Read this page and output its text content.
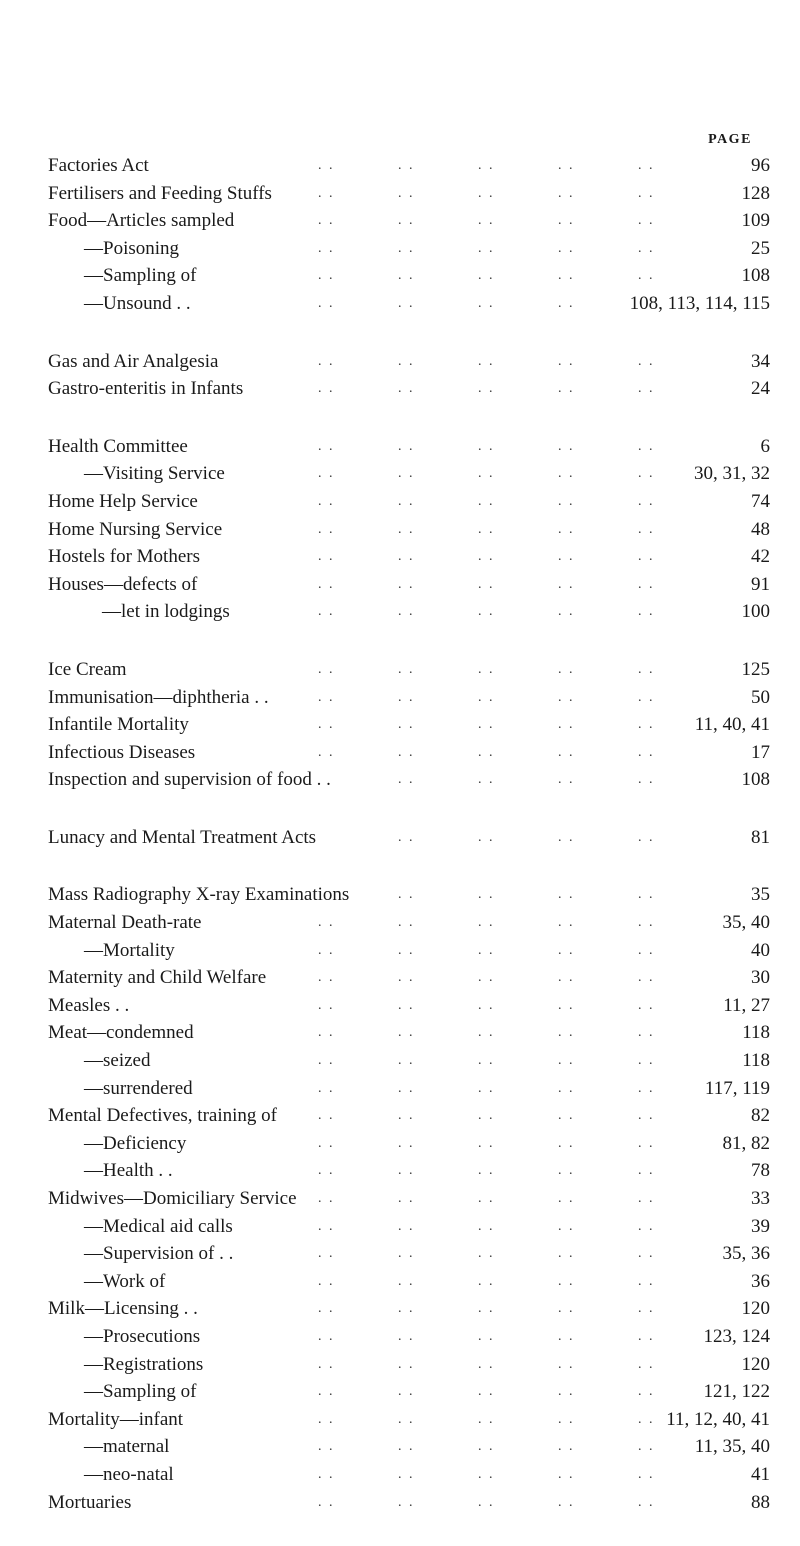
PAGE
Factories Act	. .	. .	. .	. .	. .	96
Fertilisers and Feeding Stuffs	. .	. .	. .	. .	. .	128
Food—Articles sampled	. .	. .	. .	. .	. .	109
—Poisoning	. .	. .	. .	. .	. .	25
—Sampling of	. .	. .	. .	. .	. .	108
—Unsound . .	. .	. .	. .	. .	108, 113, 114, 115
Gas and Air Analgesia	. .	. .	. .	. .	. .	34
Gastro-enteritis in Infants	. .	. .	. .	. .	. .	24
Health Committee	. .	. .	. .	. .	. .	6
—Visiting Service	. .	. .	. .	. .	. . 30, 31, 32
Home Help Service	. .	. .	. .	. .	. .	74
Home Nursing Service	. .	. .	. .	. .	. .	48
Hostels for Mothers	. .	. .	. .	. .	. .	42
Houses—defects of	. .	. .	. .	. .	. .	91
—let in lodgings	. .	. .	. .	. .	. .	100
Ice Cream	. .	. .	. .	. .	. .	125
Immunisation—diphtheria . .	. .	. .	. .	. .	. .	50
Infantile Mortality	. .	. .	. .	. .	. . 11, 40, 41
Infectious Diseases	. .	. .	. .	. .	. .	17
Inspection and supervision of food . .	. .	. .	. .	. .	108
Lunacy and Mental Treatment Acts	. .	. .	. .	. .	81
Mass Radiography X-ray Examinations	. .	. .	. .	. .	35
Maternal Death-rate	. .	. .	. .	. .	. .	35, 40
—Mortality	. .	. .	. .	. .	. .	40
Maternity and Child Welfare	. .	. .	. .	. .	. .	30
Measles . .	. .	. .	. .	. .	. .	11, 27
Meat—condemned	. .	. .	. .	. .	. .	118
—seized	. .	. .	. .	. .	. .	118
—surrendered	. .	. .	. .	. .	. .	117, 119
Mental Defectives, training of	. .	. .	. .	. .	. .	82
—Deficiency	. .	. .	. .	. .	. .	81, 82
—Health . .	. .	. .	. .	. .	. .	78
Midwives—Domiciliary Service . .	. .	. .	. .	. .	33
—Medical aid calls	. .	. .	. .	. .	. .	39
—Supervision of . .	. .	. .	. .	. .	. .	35, 36
—Work of	. .	. .	. .	. .	. .	36
Milk—Licensing . .	. .	. .	. .	. .	. .	120
—Prosecutions	. .	. .	. .	. .	. .	123, 124
—Registrations	. .	. .	. .	. .	. .	120
—Sampling of	. .	. .	. .	. .	. .	121, 122
Mortality—infant	. .	. .	. .	. .	. . 11, 12, 40, 41
—maternal	. .	. .	. .	. .	. . 11, 35, 40
—neo-natal	. .	. .	. .	. .	. .	41
Mortuaries	. .	. .	. .	. .	. .	88
